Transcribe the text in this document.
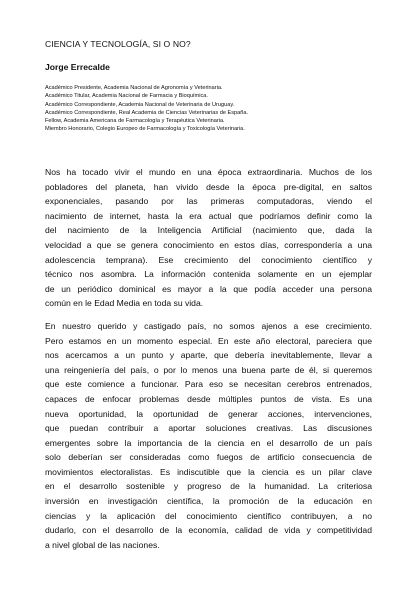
CIENCIA Y TECNOLOGÍA, SI O NO?
Jorge Errecalde
Académico Presidente, Academia Nacional de Agronomía y Veterinaria.
Académico Titular, Academia Nacional de Farmacia y Bioquímica.
Académico Correspondiente, Academia Nacional de Veterinaria de Uruguay.
Académico Correspondiente, Real Academia de Ciencias Veterinarias de España.
Fellow, Academia Americana de Farmacología y Terapéutica Veterinaria.
Miembro Honorario, Colegio Europeo de Farmacología y Toxicología Veterinaria.

Nos ha tocado vivir el mundo en una época extraordinaria. Muchos de los
pobladores del planeta, han vivido desde la época pre-digital, en saltos
exponenciales, pasando por las primeras computadoras, viendo el
nacimiento de internet, hasta la era actual que podríamos definir como la
del nacimiento de la Inteligencia Artificial (nacimiento que, dada la
velocidad a que se genera conocimiento en estos días, correspondería a una
adolescencia temprana). Ese crecimiento del conocimiento científico y
técnico nos asombra. La información contenida solamente en un ejemplar
de un periódico dominical es mayor a la que podía acceder una persona
común en le Edad Media en toda su vida.

En nuestro querido y castigado país, no somos ajenos a ese crecimiento.
Pero estamos en un momento especial. En este año electoral, pareciera que
nos acercamos a un punto y aparte, que debería inevitablemente, llevar a
una reingeniería del país, o por lo menos una buena parte de él, si queremos
que este comience a funcionar. Para eso se necesitan cerebros entrenados,
capaces de enfocar problemas desde múltiples puntos de vista. Es una
nueva oportunidad, la oportunidad de generar acciones, intervenciones,
que puedan contribuir a aportar soluciones creativas. Las discusiones
emergentes sobre la importancia de la ciencia en el desarrollo de un país
solo deberían ser consideradas como fuegos de artificio consecuencia de
movimientos electoralistas. Es indiscutible que la ciencia es un pilar clave
en el desarrollo sostenible y progreso de la humanidad. La criteriosa
inversión en investigación científica, la promoción de la educación en
ciencias y la aplicación del conocimiento científico contribuyen, a no
dudarlo, con el desarrollo de la economía, calidad de vida y competitividad
a nivel global de las naciones.
